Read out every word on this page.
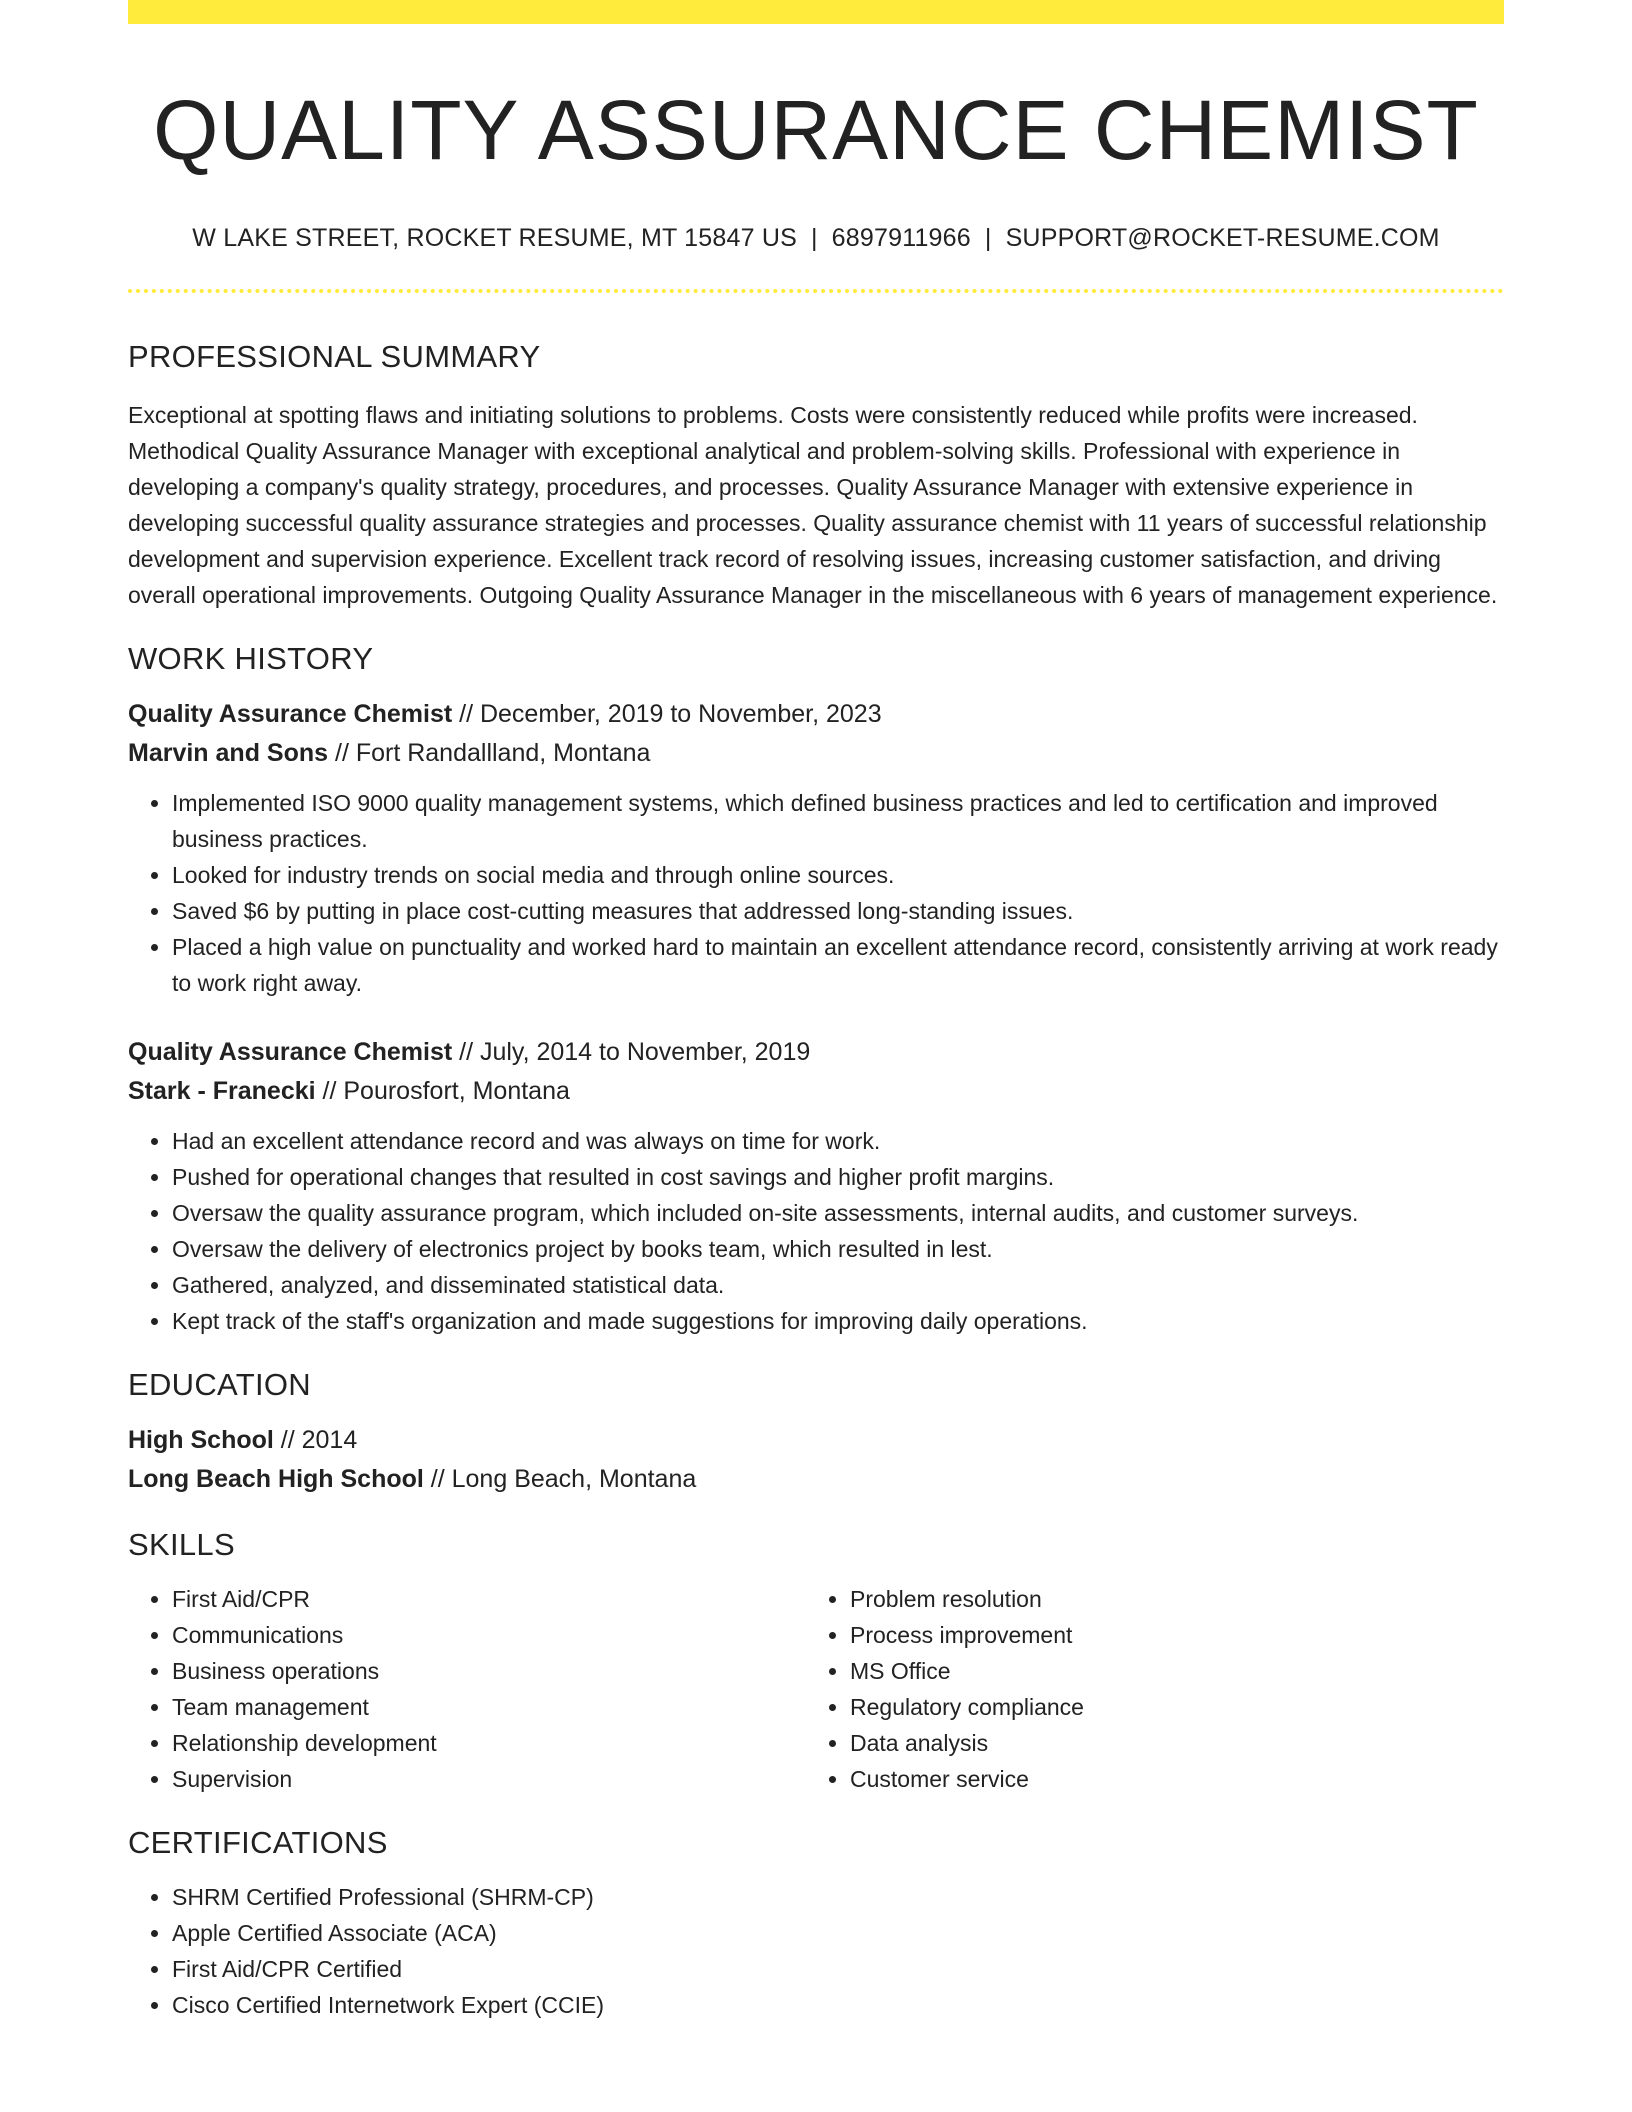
QUALITY ASSURANCE CHEMIST
W LAKE STREET, ROCKET RESUME, MT 15847 US | 6897911966 | SUPPORT@ROCKET-RESUME.COM
PROFESSIONAL SUMMARY

Exceptional at spotting flaws and initiating solutions to problems. Costs were consistently reduced while profits were increased. Methodical Quality Assurance Manager with exceptional analytical and problem-solving skills. Professional with experience in developing a company's quality strategy, procedures, and processes. Quality Assurance Manager with extensive experience in developing successful quality assurance strategies and processes. Quality assurance chemist with 11 years of successful relationship development and supervision experience. Excellent track record of resolving issues, increasing customer satisfaction, and driving overall operational improvements. Outgoing Quality Assurance Manager in the miscellaneous with 6 years of management experience.

WORK HISTORY
Quality Assurance Chemist // December, 2019 to November, 2023
Marvin and Sons // Fort Randallland, Montana
• Implemented ISO 9000 quality management systems, which defined business practices and led to certification and improved business practices.
• Looked for industry trends on social media and through online sources.
• Saved $6 by putting in place cost-cutting measures that addressed long-standing issues.
• Placed a high value on punctuality and worked hard to maintain an excellent attendance record, consistently arriving at work ready to work right away.
Quality Assurance Chemist // July, 2014 to November, 2019
Stark - Franecki // Pourosfort, Montana
• Had an excellent attendance record and was always on time for work.
• Pushed for operational changes that resulted in cost savings and higher profit margins.
• Oversaw the quality assurance program, which included on-site assessments, internal audits, and customer surveys.
• Oversaw the delivery of electronics project by books team, which resulted in lest.
• Gathered, analyzed, and disseminated statistical data.
• Kept track of the staff's organization and made suggestions for improving daily operations.
EDUCATION
High School // 2014
Long Beach High School // Long Beach, Montana
SKILLS
• First Aid/CPR
• Communications
• Business operations
• Team management
• Relationship development
• Supervision
• Problem resolution
• Process improvement
• MS Office
• Regulatory compliance
• Data analysis
• Customer service
CERTIFICATIONS
• SHRM Certified Professional (SHRM-CP)
• Apple Certified Associate (ACA)
• First Aid/CPR Certified
• Cisco Certified Internetwork Expert (CCIE)
